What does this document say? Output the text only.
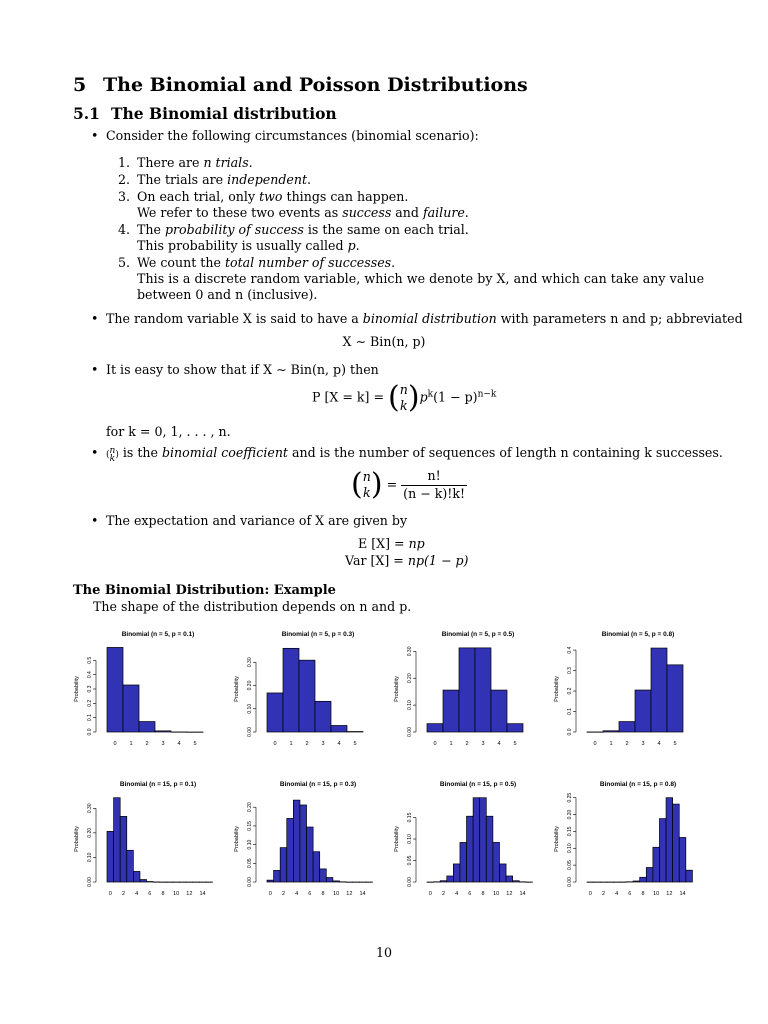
5 The Binomial and Poisson Distributions
5.1 The Binomial distribution
• Consider the following circumstances (binomial scenario):
1. There are n trials.
2. The trials are independent.
3. On each trial, only two things can happen.
We refer to these two events as success and failure.
4. The probability of success is the same on each trial.
This probability is usually called p.
5. We count the total number of successes.
This is a discrete random variable, which we denote by X, and which can take any value
between 0 and n (inclusive).
• The random variable X is said to have a binomial distribution with parameters n and p; abbreviated
X ∼ Bin(n, p)
• It is easy to show that if X ∼ Bin(n, p) then
P [X = k] = ( n
k )$p^k(1 - p)^{n-k}$
for k = 0, 1, . . . , n.
• ( n
k ) is the binomial coefficient and is the number of sequences of length n containing k successes.
( n
k ) = $\frac{n!}{(n - k)!k!}$
• The expectation and variance of X are given by
E [X] = np
Var [X] = np(1 − p)
The Binomial Distribution: Example
The shape of the distribution depends on n and p.
Binomial (n = 5, p = 0.1)
Probability
0.0
0.1
0.2
0.3
0.4
0.5
0 1 2 3 4 5
Binomial (n = 5, p = 0.3)
Probability
0.00
0.10
0.20
0.30
0 1 2 3 4 5
Binomial (n = 5, p = 0.5)
Probability
0.00
0.10
0.20
0.30
0 1 2 3 4 5
Binomial (n = 5, p = 0.8)
Probability
0.0
0.1
0.2
0.3
0.4
0 1 2 3 4 5
Binomial (n = 15, p = 0.1)
Probability
0.00
0.10
0.20
0.30
0 2 4 6 8 10 12 14
Binomial (n = 15, p = 0.3)
Probability
0.00
0.05
0.10
0.15
0.20
0 2 4 6 8 10 12 14
Binomial (n = 15, p = 0.5)
Probability
0.00
0.05
0.10
0.15
0 2 4 6 8 10 12 14
Binomial (n = 15, p = 0.8)
Probability
0.00
0.05
0.10
0.15
0.20
0.25
0 2 4 6 8 10 12 14
10
